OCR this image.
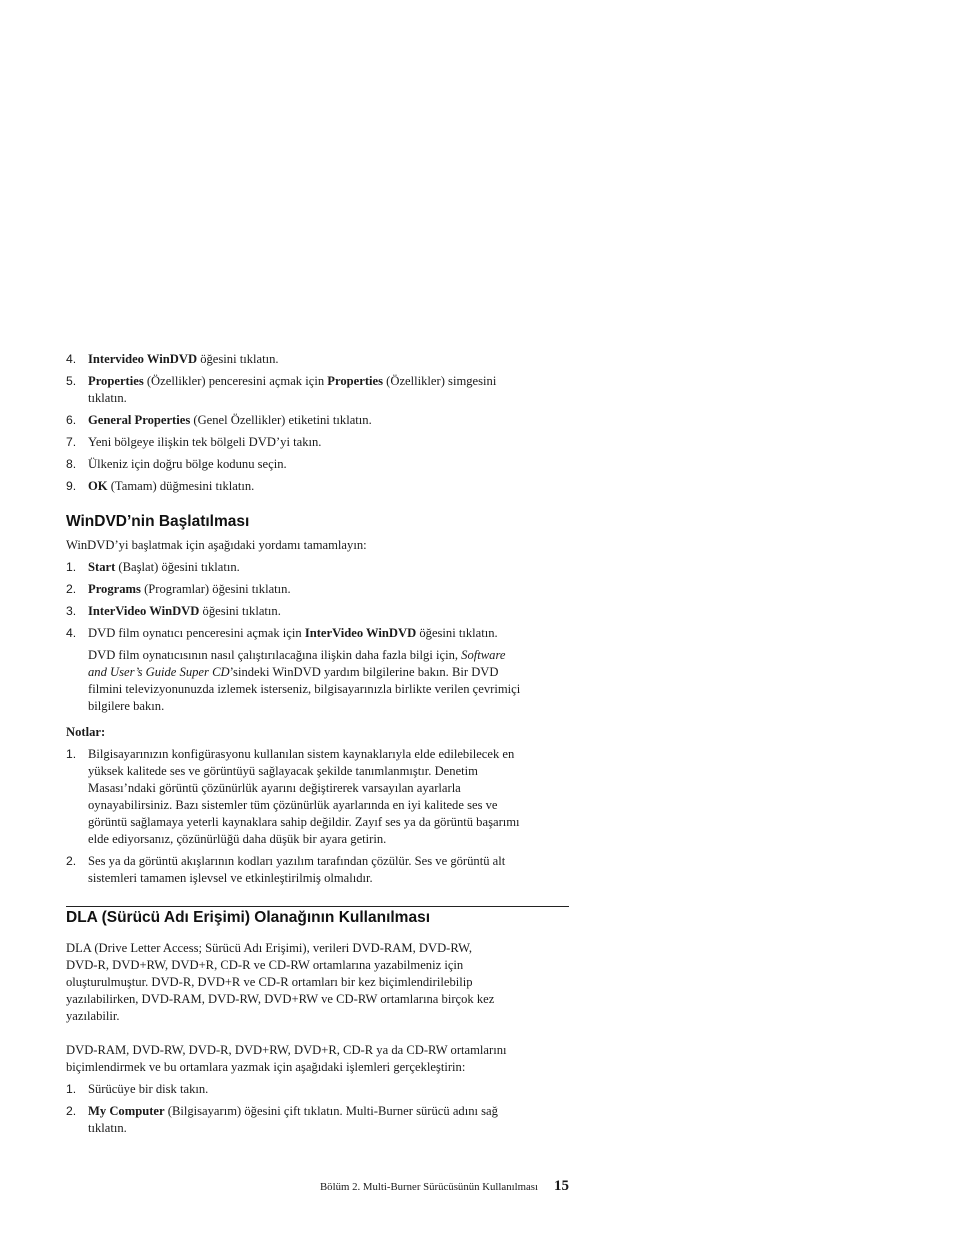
4. Intervideo WinDVD öğesini tıklatın.
5. Properties (Özellikler) penceresini açmak için Properties (Özellikler) simgesini
tıklatın.
6. General Properties (Genel Özellikler) etiketini tıklatın.
7. Yeni bölgeye ilişkin tek bölgeli DVD’yi takın.
8. Ülkeniz için doğru bölge kodunu seçin.
9. OK (Tamam) düğmesini tıklatın.
WinDVD’nin Başlatılması
WinDVD’yi başlatmak için aşağıdaki yordamı tamamlayın:
1. Start (Başlat) öğesini tıklatın.
2. Programs (Programlar) öğesini tıklatın.
3. InterVideo WinDVD öğesini tıklatın.
4. DVD film oynatıcı penceresini açmak için InterVideo WinDVD öğesini tıklatın.
DVD film oynatıcısının nasıl çalıştırılacağına ilişkin daha fazla bilgi için, Software
and User’s Guide Super CD’sindeki WinDVD yardım bilgilerine bakın. Bir DVD
filmini televizyonunuzda izlemek isterseniz, bilgisayarınızla birlikte verilen çevrimiçi
bilgilere bakın.
Notlar:
1. Bilgisayarınızın konfigürasyonu kullanılan sistem kaynaklarıyla elde edilebilecek en
yüksek kalitede ses ve görüntüyü sağlayacak şekilde tanımlanmıştır. Denetim
Masası’ndaki görüntü çözünürlük ayarını değiştirerek varsayılan ayarlarla
oynayabilirsiniz. Bazı sistemler tüm çözünürlük ayarlarında en iyi kalitede ses ve
görüntü sağlamaya yeterli kaynaklara sahip değildir. Zayıf ses ya da görüntü başarımı
elde ediyorsanız, çözünürlüğü daha düşük bir ayara getirin.
2. Ses ya da görüntü akışlarının kodları yazılım tarafından çözülür. Ses ve görüntü alt
sistemleri tamamen işlevsel ve etkinleştirilmiş olmalıdır.
DLA (Sürücü Adı Erişimi) Olanağının Kullanılması
DLA (Drive Letter Access; Sürücü Adı Erişimi), verileri DVD-RAM, DVD-RW,
DVD-R, DVD+RW, DVD+R, CD-R ve CD-RW ortamlarına yazabilmeniz için
oluşturulmuştur. DVD-R, DVD+R ve CD-R ortamları bir kez biçimlendirilebilip
yazılabilirken, DVD-RAM, DVD-RW, DVD+RW ve CD-RW ortamlarına birçok kez
yazılabilir.
DVD-RAM, DVD-RW, DVD-R, DVD+RW, DVD+R, CD-R ya da CD-RW ortamlarını
biçimlendirmek ve bu ortamlara yazmak için aşağıdaki işlemleri gerçekleştirin:
1. Sürücüye bir disk takın.
2. My Computer (Bilgisayarım) öğesini çift tıklatın. Multi-Burner sürücü adını sağ
tıklatın.
Bölüm 2. Multi-Burner Sürücüsünün Kullanılması 15
